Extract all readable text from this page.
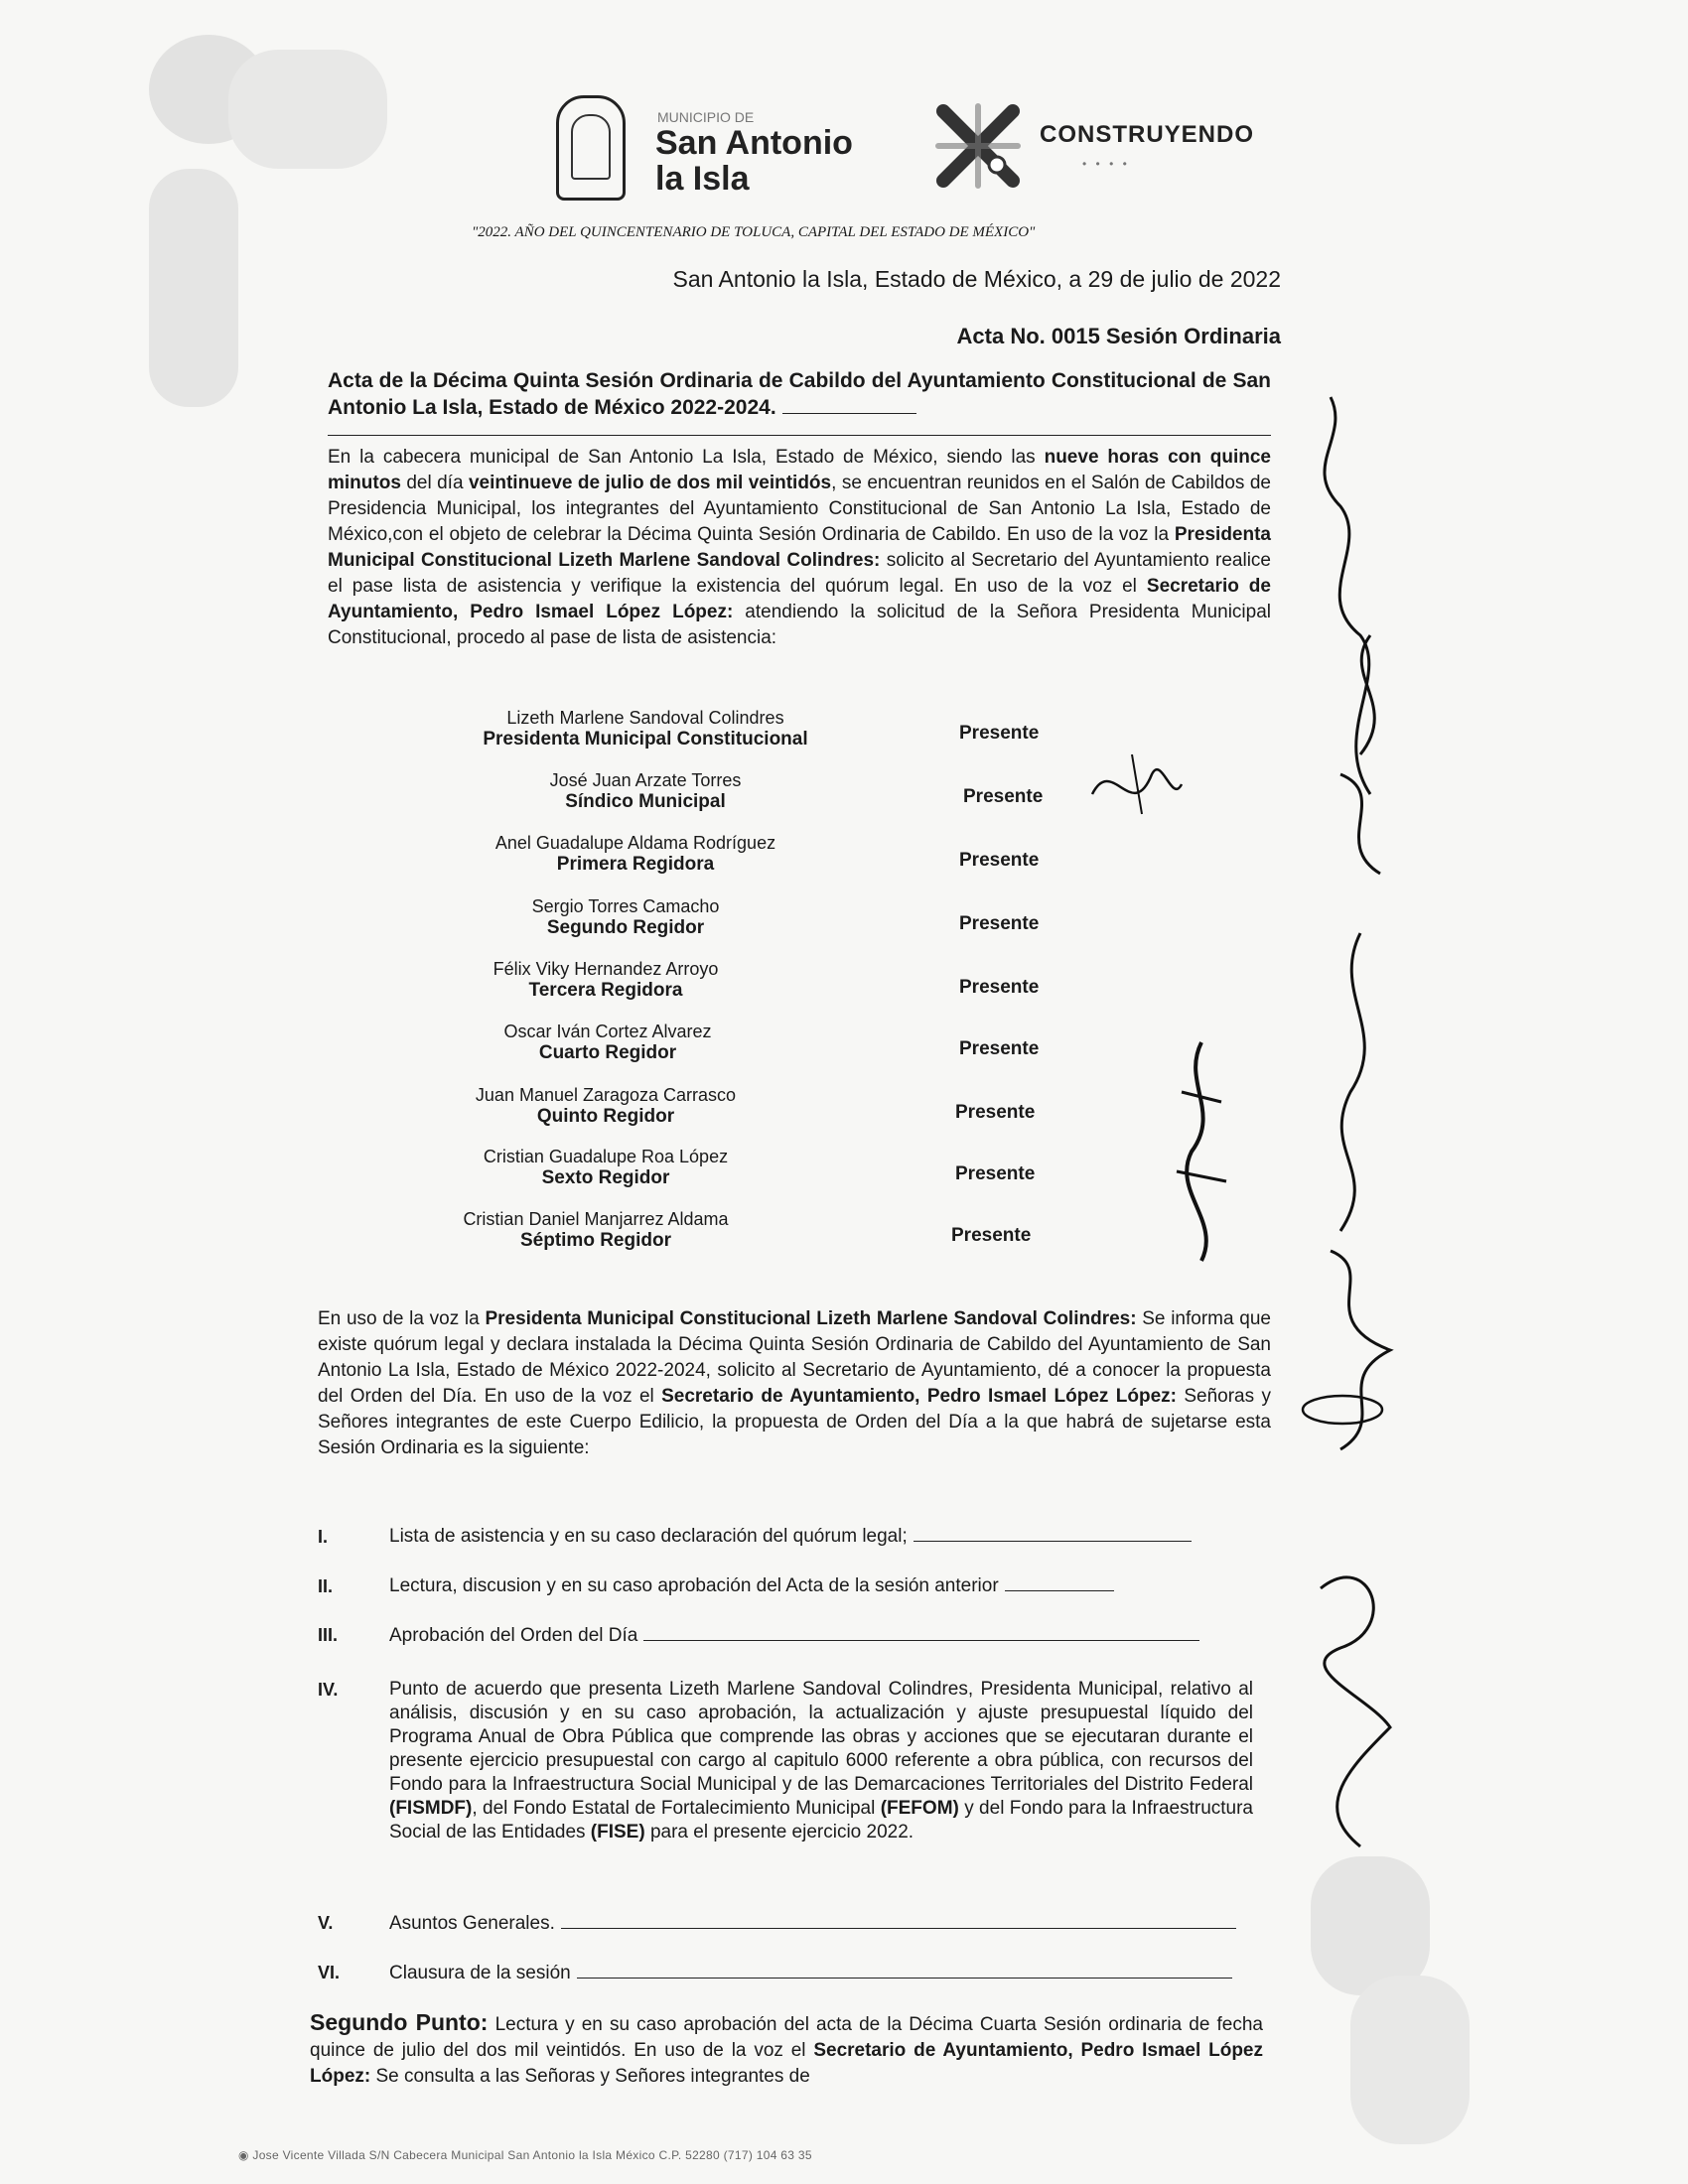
MUNICIPIO DE
San Antonio la Isla
CONSTRUYENDO
• • • •
"2022. AÑO DEL QUINCENTENARIO DE TOLUCA, CAPITAL DEL ESTADO DE MÉXICO"
San Antonio la Isla, Estado de México, a 29 de julio de 2022
Acta No. 0015 Sesión Ordinaria
Acta de la Décima Quinta Sesión Ordinaria de Cabildo del Ayuntamiento Constitucional de San Antonio La Isla, Estado de México 2022-2024.
En la cabecera municipal de San Antonio La Isla, Estado de México, siendo las nueve horas con quince minutos del día veintinueve de julio de dos mil veintidós, se encuentran reunidos en el Salón de Cabildos de Presidencia Municipal, los integrantes del Ayuntamiento Constitucional de San Antonio La Isla, Estado de México,con el objeto de celebrar la Décima Quinta Sesión Ordinaria de Cabildo. En uso de la voz la Presidenta Municipal Constitucional Lizeth Marlene Sandoval Colindres: solicito al Secretario del Ayuntamiento realice el pase lista de asistencia y verifique la existencia del quórum legal. En uso de la voz el Secretario de Ayuntamiento, Pedro Ismael López López: atendiendo la solicitud de la Señora Presidenta Municipal Constitucional, procedo al pase de lista de asistencia:
Lizeth Marlene Sandoval Colindres
Presidenta Municipal Constitucional	Presente
José Juan Arzate Torres
Síndico Municipal	Presente
Anel Guadalupe Aldama Rodríguez
Primera Regidora	Presente
Sergio Torres Camacho
Segundo Regidor	Presente
Félix Viky Hernandez Arroyo
Tercera Regidora	Presente
Oscar Iván Cortez Alvarez
Cuarto Regidor	Presente
Juan Manuel Zaragoza Carrasco
Quinto Regidor	Presente
Cristian Guadalupe Roa López
Sexto Regidor	Presente
Cristian Daniel Manjarrez Aldama
Séptimo Regidor	Presente
En uso de la voz la Presidenta Municipal Constitucional Lizeth Marlene Sandoval Colindres: Se informa que existe quórum legal y declara instalada la Décima Quinta Sesión Ordinaria de Cabildo del Ayuntamiento de San Antonio La Isla, Estado de México 2022-2024, solicito al Secretario de Ayuntamiento, dé a conocer la propuesta del Orden del Día. En uso de la voz el Secretario de Ayuntamiento, Pedro Ismael López López: Señoras y Señores integrantes de este Cuerpo Edilicio, la propuesta de Orden del Día a la que habrá de sujetarse esta Sesión Ordinaria es la siguiente:
I.	Lista de asistencia y en su caso declaración del quórum legal;
II.	Lectura, discusion y en su caso aprobación del Acta de la sesión anterior
III.	Aprobación del Orden del Día
IV.	Punto de acuerdo que presenta Lizeth Marlene Sandoval Colindres, Presidenta Municipal, relativo al análisis, discusión y en su caso aprobación, la actualización y ajuste presupuestal líquido del Programa Anual de Obra Pública que comprende las obras y acciones que se ejecutaran durante el presente ejercicio presupuestal con cargo al capitulo 6000 referente a obra pública, con recursos del Fondo para la Infraestructura Social Municipal y de las Demarcaciones Territoriales del Distrito Federal (FISMDF), del Fondo Estatal de Fortalecimiento Municipal (FEFOM) y del Fondo para la Infraestructura Social de las Entidades (FISE) para el presente ejercicio 2022.
V.	Asuntos Generales.
VI.	Clausura de la sesión
Segundo Punto: Lectura y en su caso aprobación del acta de la Décima Cuarta Sesión ordinaria de fecha quince de julio del dos mil veintidós. En uso de la voz el Secretario de Ayuntamiento, Pedro Ismael López López: Se consulta a las Señoras y Señores integrantes de
◉ Jose Vicente Villada S/N Cabecera Municipal San Antonio la Isla México C.P. 52280 (717) 104 63 35
